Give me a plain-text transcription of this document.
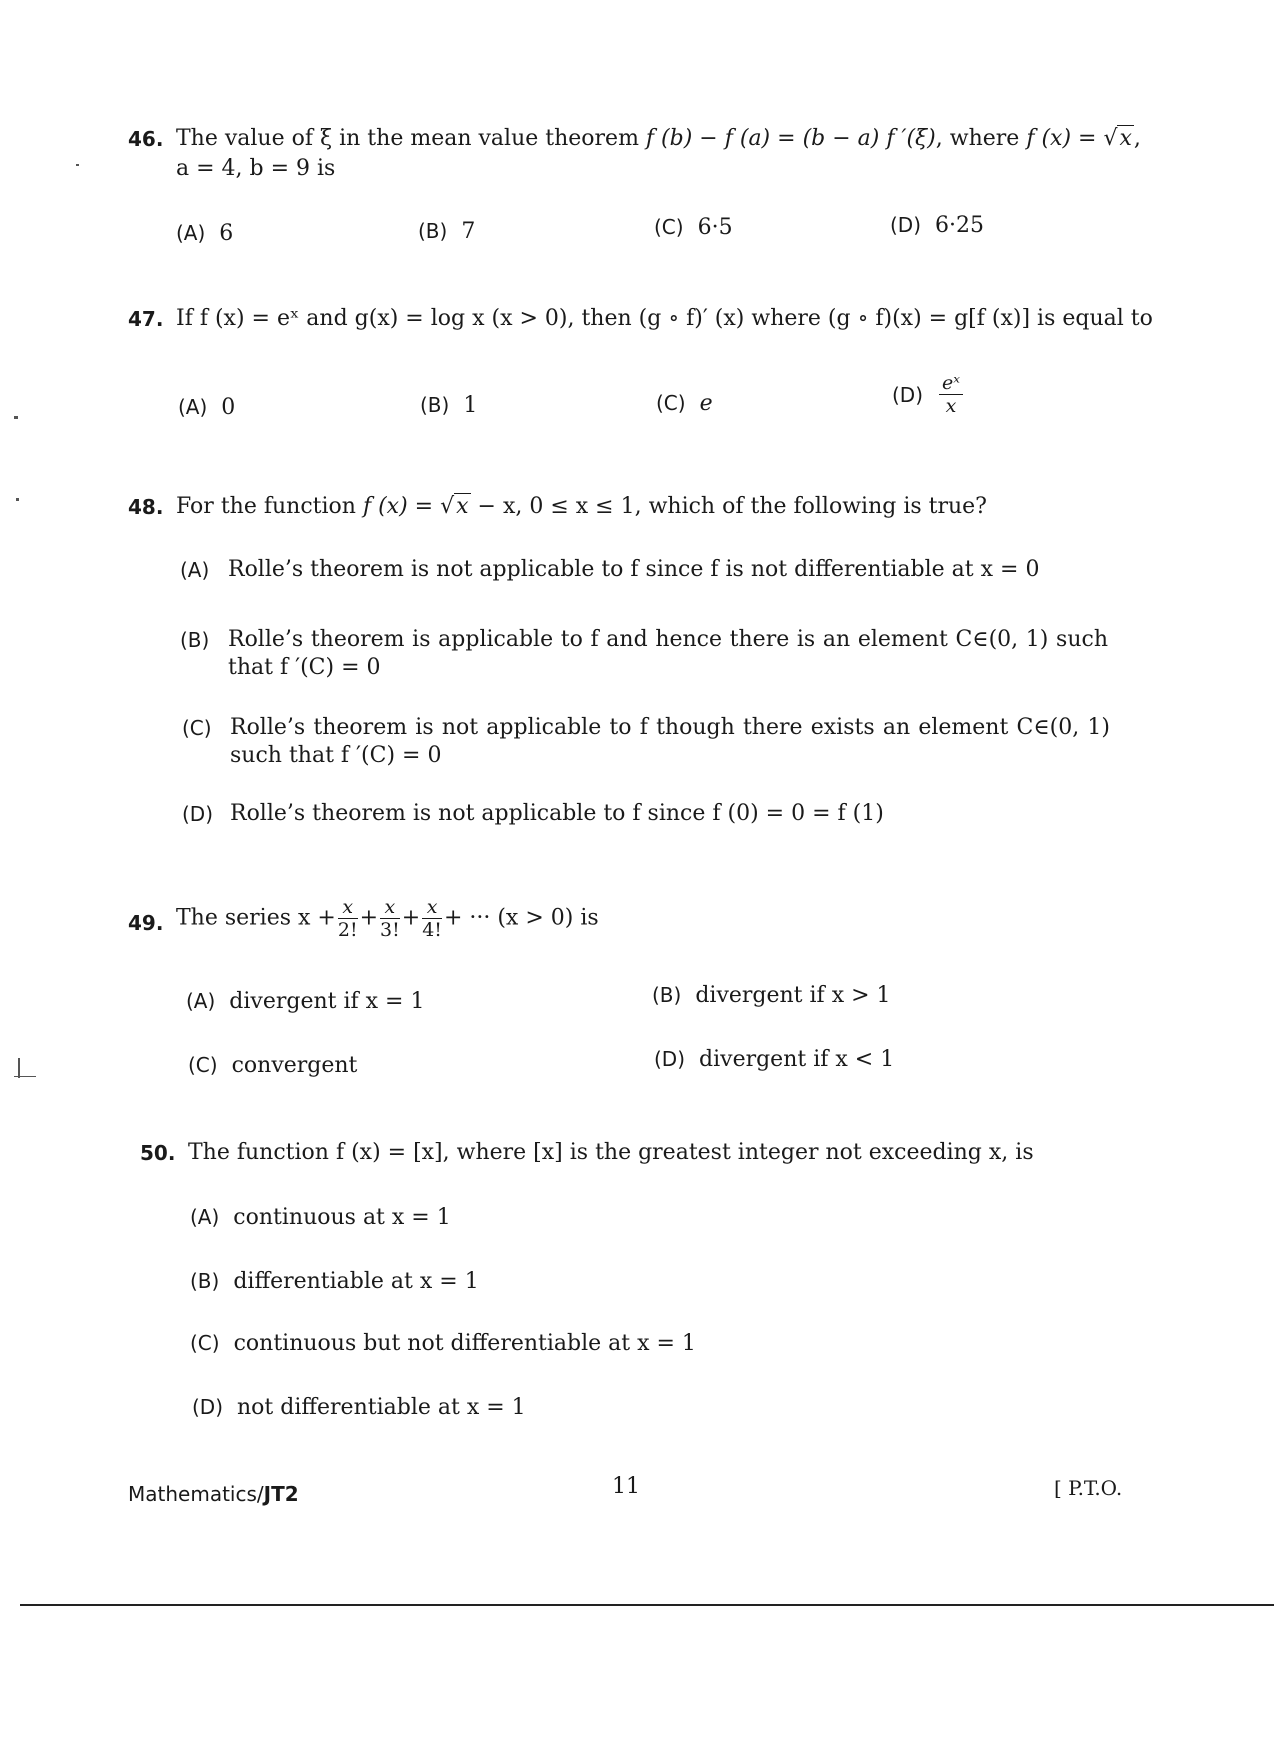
46. The value of ξ in the mean value theorem f (b) − f (a) = (b − a) f ′(ξ), where f (x) = √x, a = 4, b = 9 is
(A) 6	(B) 7	(C) 6·5	(D) 6·25
47. If f (x) = eˣ and g(x) = log x (x > 0), then (g ∘ f)′ (x) where (g ∘ f)(x) = g[f (x)] is equal to
(A) 0	(B) 1	(C) e	$(D) \frac{\text{eˣ}}{x}$
48. For the function f (x) = √x − x, 0 ≤ x ≤ 1, which of the following is true?
(A) Rolle’s theorem is not applicable to f since f is not differentiable at x = 0
(B) Rolle’s theorem is applicable to f and hence there is an element C∈(0, 1) such that f ′(C) = 0
(C) Rolle’s theorem is not applicable to f though there exists an element C∈(0, 1) such that f ′(C) = 0
(D) Rolle’s theorem is not applicable to f since f (0) = 0 = f (1)
49. The series $x + \frac{x}{2!} + \frac{x}{3!} + \frac{x}{4!}$ + ··· (x > 0) is
(A) divergent if x = 1	(B) divergent if x > 1
(C) convergent	(D) divergent if x < 1
50. The function f (x) = [x], where [x] is the greatest integer not exceeding x, is
(A) continuous at x = 1
(B) differentiable at x = 1
(C) continuous but not differentiable at x = 1
(D) not differentiable at x = 1
Mathematics/JT2	11	[ P.T.O.
